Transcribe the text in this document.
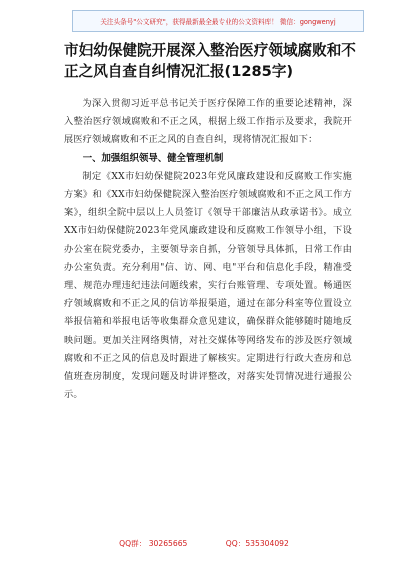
关注头条号"公文研究"，获得最新最全最专业的公文资料库！ 微信：gongwenyj
市妇幼保健院开展深入整治医疗领域腐败和不正之风自查自纠情况汇报(1285字)

为深入贯彻习近平总书记关于医疗保障工作的重要论述精神，深入整治医疗领域腐败和不正之风，根据上级工作指示及要求，我院开展医疗领域腐败和不正之风的自查自纠，现将情况汇报如下：

一、加强组织领导、健全管理机制

制定《XX市妇幼保健院2023年党风廉政建设和反腐败工作实施方案》和《XX市妇幼保健院深入整治医疗领域腐败和不正之风工作方案》，组织全院中层以上人员签订《领导干部廉洁从政承诺书》。成立XX市妇幼保健院2023年党风廉政建设和反腐败工作领导小组，下设办公室在院党委办，主要领导亲自抓，分管领导具体抓，日常工作由办公室负责。充分利用"信、访、网、电"平台和信息化手段，精准受理、规范办理违纪违法问题线索，实行台账管理、专项处置。畅通医疗领域腐败和不正之风的信访举报渠道，通过在部分科室等位置设立举报信箱和举报电话等收集群众意见建议，确保群众能够随时随地反映问题。更加关注网络舆情，对社交媒体等网络发布的涉及医疗领域腐败和不正之风的信息及时跟进了解核实。定期进行行政大查房和总值班查房制度，发现问题及时讲评整改，对落实处罚情况进行通报公示。

QQ群： 30265665	QQ：535304092
